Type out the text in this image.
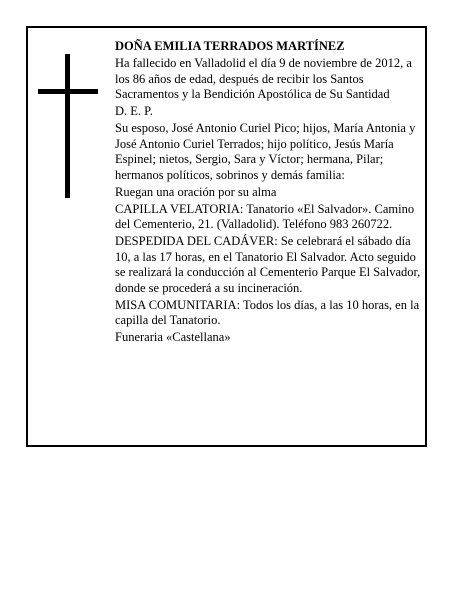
DOÑA EMILIA TERRADOS MARTÍNEZ

Ha fallecido en Valladolid el día 9 de noviembre de 2012, a los 86 años de edad, después de recibir los Santos Sacramentos y la Bendición Apostólica de Su Santidad

D. E. P.

Su esposo, José Antonio Curiel Pico; hijos, María Antonia y José Antonio Curiel Terrados; hijo político, Jesús María Espinel; nietos, Sergio, Sara y Víctor; hermana, Pilar; hermanos políticos, sobrinos y demás familia:

Ruegan una oración por su alma

CAPILLA VELATORIA: Tanatorio «El Salvador». Camino del Cementerio, 21. (Valladolid). Teléfono 983 260722.

DESPEDIDA DEL CADÁVER: Se celebrará el sábado día 10, a las 17 horas, en el Tanatorio El Salvador. Acto seguido se realizará la conducción al Cementerio Parque El Salvador, donde se procederá a su incineración.

MISA COMUNITARIA: Todos los días, a las 10 horas, en la capilla del Tanatorio.

Funeraria «Castellana»
